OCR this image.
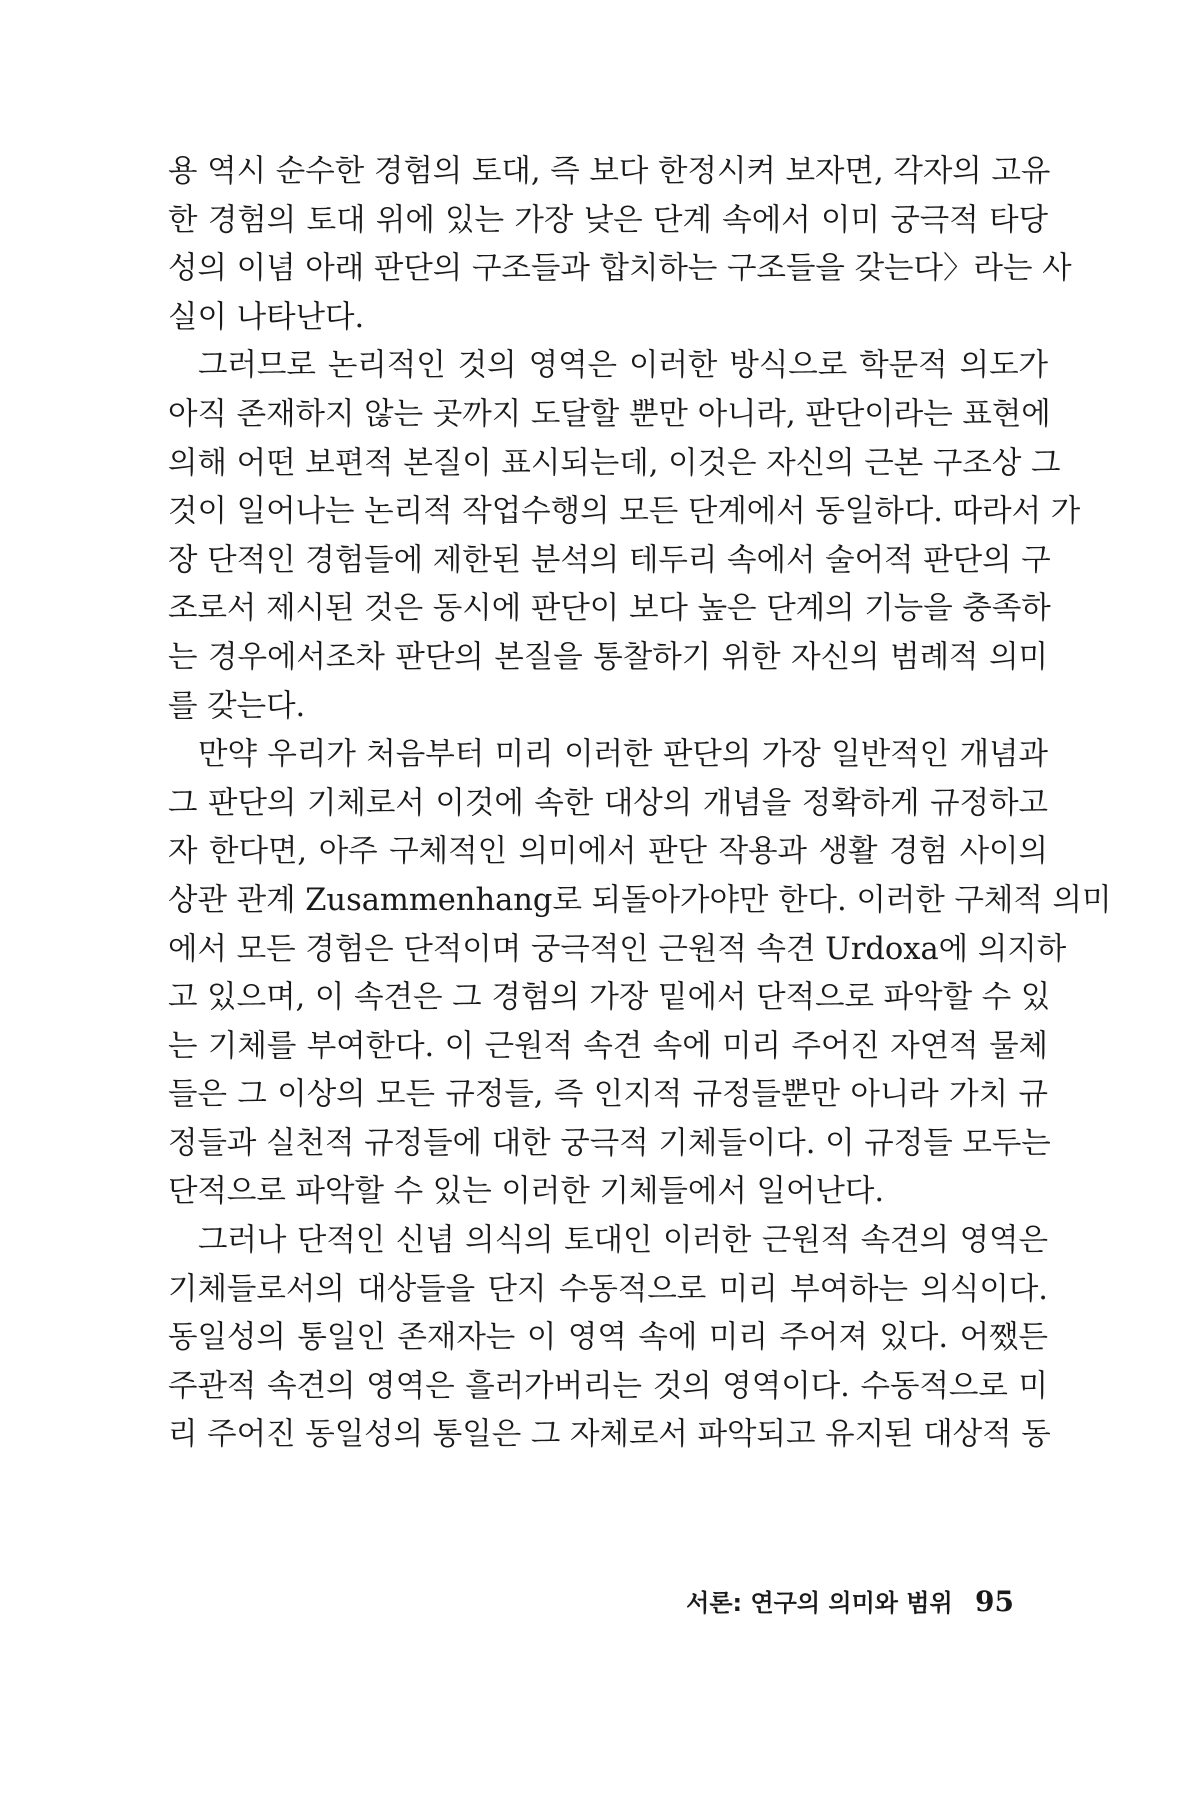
용 역시 순수한 경험의 토대, 즉 보다 한정시켜 보자면, 각자의 고유
한 경험의 토대 위에 있는 가장 낮은 단계 속에서 이미 궁극적 타당
성의 이념 아래 판단의 구조들과 합치하는 구조들을 갖는다〉라는 사
실이 나타난다.
그러므로 논리적인 것의 영역은 이러한 방식으로 학문적 의도가
아직 존재하지 않는 곳까지 도달할 뿐만 아니라, 판단이라는 표현에
의해 어떤 보편적 본질이 표시되는데, 이것은 자신의 근본 구조상 그
것이 일어나는 논리적 작업수행의 모든 단계에서 동일하다. 따라서 가
장 단적인 경험들에 제한된 분석의 테두리 속에서 술어적 판단의 구
조로서 제시된 것은 동시에 판단이 보다 높은 단계의 기능을 충족하
는 경우에서조차 판단의 본질을 통찰하기 위한 자신의 범례적 의미
를 갖는다.
만약 우리가 처음부터 미리 이러한 판단의 가장 일반적인 개념과
그 판단의 기체로서 이것에 속한 대상의 개념을 정확하게 규정하고
자 한다면, 아주 구체적인 의미에서 판단 작용과 생활 경험 사이의
상관 관계 Zusammenhang로 되돌아가야만 한다. 이러한 구체적 의미
에서 모든 경험은 단적이며 궁극적인 근원적 속견 Urdoxa에 의지하
고 있으며, 이 속견은 그 경험의 가장 밑에서 단적으로 파악할 수 있
는 기체를 부여한다. 이 근원적 속견 속에 미리 주어진 자연적 물체
들은 그 이상의 모든 규정들, 즉 인지적 규정들뿐만 아니라 가치 규
정들과 실천적 규정들에 대한 궁극적 기체들이다. 이 규정들 모두는
단적으로 파악할 수 있는 이러한 기체들에서 일어난다.
그러나 단적인 신념 의식의 토대인 이러한 근원적 속견의 영역은
기체들로서의 대상들을 단지 수동적으로 미리 부여하는 의식이다.
동일성의 통일인 존재자는 이 영역 속에 미리 주어져 있다. 어쨌든
주관적 속견의 영역은 흘러가버리는 것의 영역이다. 수동적으로 미
리 주어진 동일성의 통일은 그 자체로서 파악되고 유지된 대상적 동
서론: 연구의 의미와 범위 95
